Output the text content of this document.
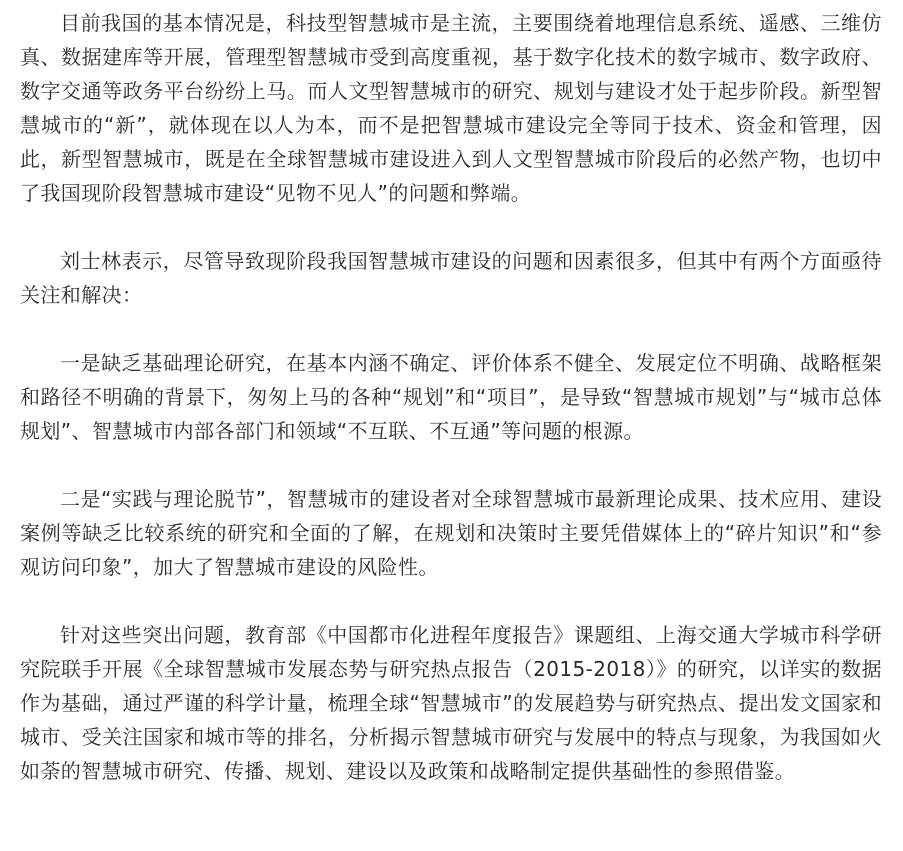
目前我国的基本情况是，科技型智慧城市是主流，主要围绕着地理信息系统、遥感、三维仿真、数据建库等开展，管理型智慧城市受到高度重视，基于数字化技术的数字城市、数字政府、数字交通等政务平台纷纷上马。而人文型智慧城市的研究、规划与建设才处于起步阶段。新型智慧城市的“新”，就体现在以人为本，而不是把智慧城市建设完全等同于技术、资金和管理，因此，新型智慧城市，既是在全球智慧城市建设进入到人文型智慧城市阶段后的必然产物，也切中了我国现阶段智慧城市建设“见物不见人”的问题和弊端。

刘士林表示，尽管导致现阶段我国智慧城市建设的问题和因素很多，但其中有两个方面亟待关注和解决：

一是缺乏基础理论研究，在基本内涵不确定、评价体系不健全、发展定位不明确、战略框架和路径不明确的背景下，匆匆上马的各种“规划”和“项目”，是导致“智慧城市规划”与“城市总体规划”、智慧城市内部各部门和领域“不互联、不互通”等问题的根源。

二是“实践与理论脱节”，智慧城市的建设者对全球智慧城市最新理论成果、技术应用、建设案例等缺乏比较系统的研究和全面的了解，在规划和决策时主要凭借媒体上的“碎片知识”和“参观访问印象”，加大了智慧城市建设的风险性。

针对这些突出问题，教育部《中国都市化进程年度报告》课题组、上海交通大学城市科学研究院联手开展《全球智慧城市发展态势与研究热点报告（2015-2018）》的研究，以详实的数据作为基础，通过严谨的科学计量，梳理全球“智慧城市”的发展趋势与研究热点、提出发文国家和城市、受关注国家和城市等的排名，分析揭示智慧城市研究与发展中的特点与现象，为我国如火如荼的智慧城市研究、传播、规划、建设以及政策和战略制定提供基础性的参照借鉴。
